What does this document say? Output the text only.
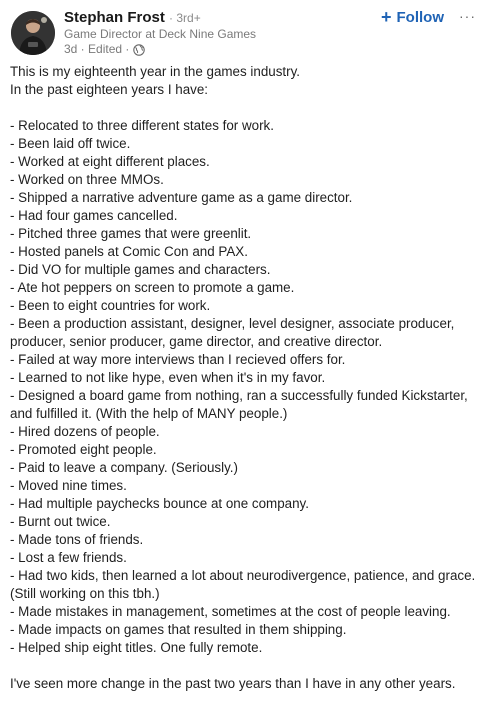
Stephan Frost · 3rd+
Game Director at Deck Nine Games
3d · Edited ·
+ Follow ···
This is my eighteenth year in the games industry.
In the past eighteen years I have:
- Relocated to three different states for work.
- Been laid off twice.
- Worked at eight different places.
- Worked on three MMOs.
- Shipped a narrative adventure game as a game director.
- Had four games cancelled.
- Pitched three games that were greenlit.
- Hosted panels at Comic Con and PAX.
- Did VO for multiple games and characters.
- Ate hot peppers on screen to promote a game.
- Been to eight countries for work.
- Been a production assistant, designer, level designer, associate producer,
producer, senior producer, game director, and creative director.
- Failed at way more interviews than I recieved offers for.
- Learned to not like hype, even when it's in my favor.
- Designed a board game from nothing, ran a successfully funded Kickstarter,
and fulfilled it. (With the help of MANY people.)
- Hired dozens of people.
- Promoted eight people.
- Paid to leave a company. (Seriously.)
- Moved nine times.
- Had multiple paychecks bounce at one company.
- Burnt out twice.
- Made tons of friends.
- Lost a few friends.
- Had two kids, then learned a lot about neurodivergence, patience, and grace.
(Still working on this tbh.)
- Made mistakes in management, sometimes at the cost of people leaving.
- Made impacts on games that resulted in them shipping.
- Helped ship eight titles. One fully remote.
I've seen more change in the past two years than I have in any other years.
